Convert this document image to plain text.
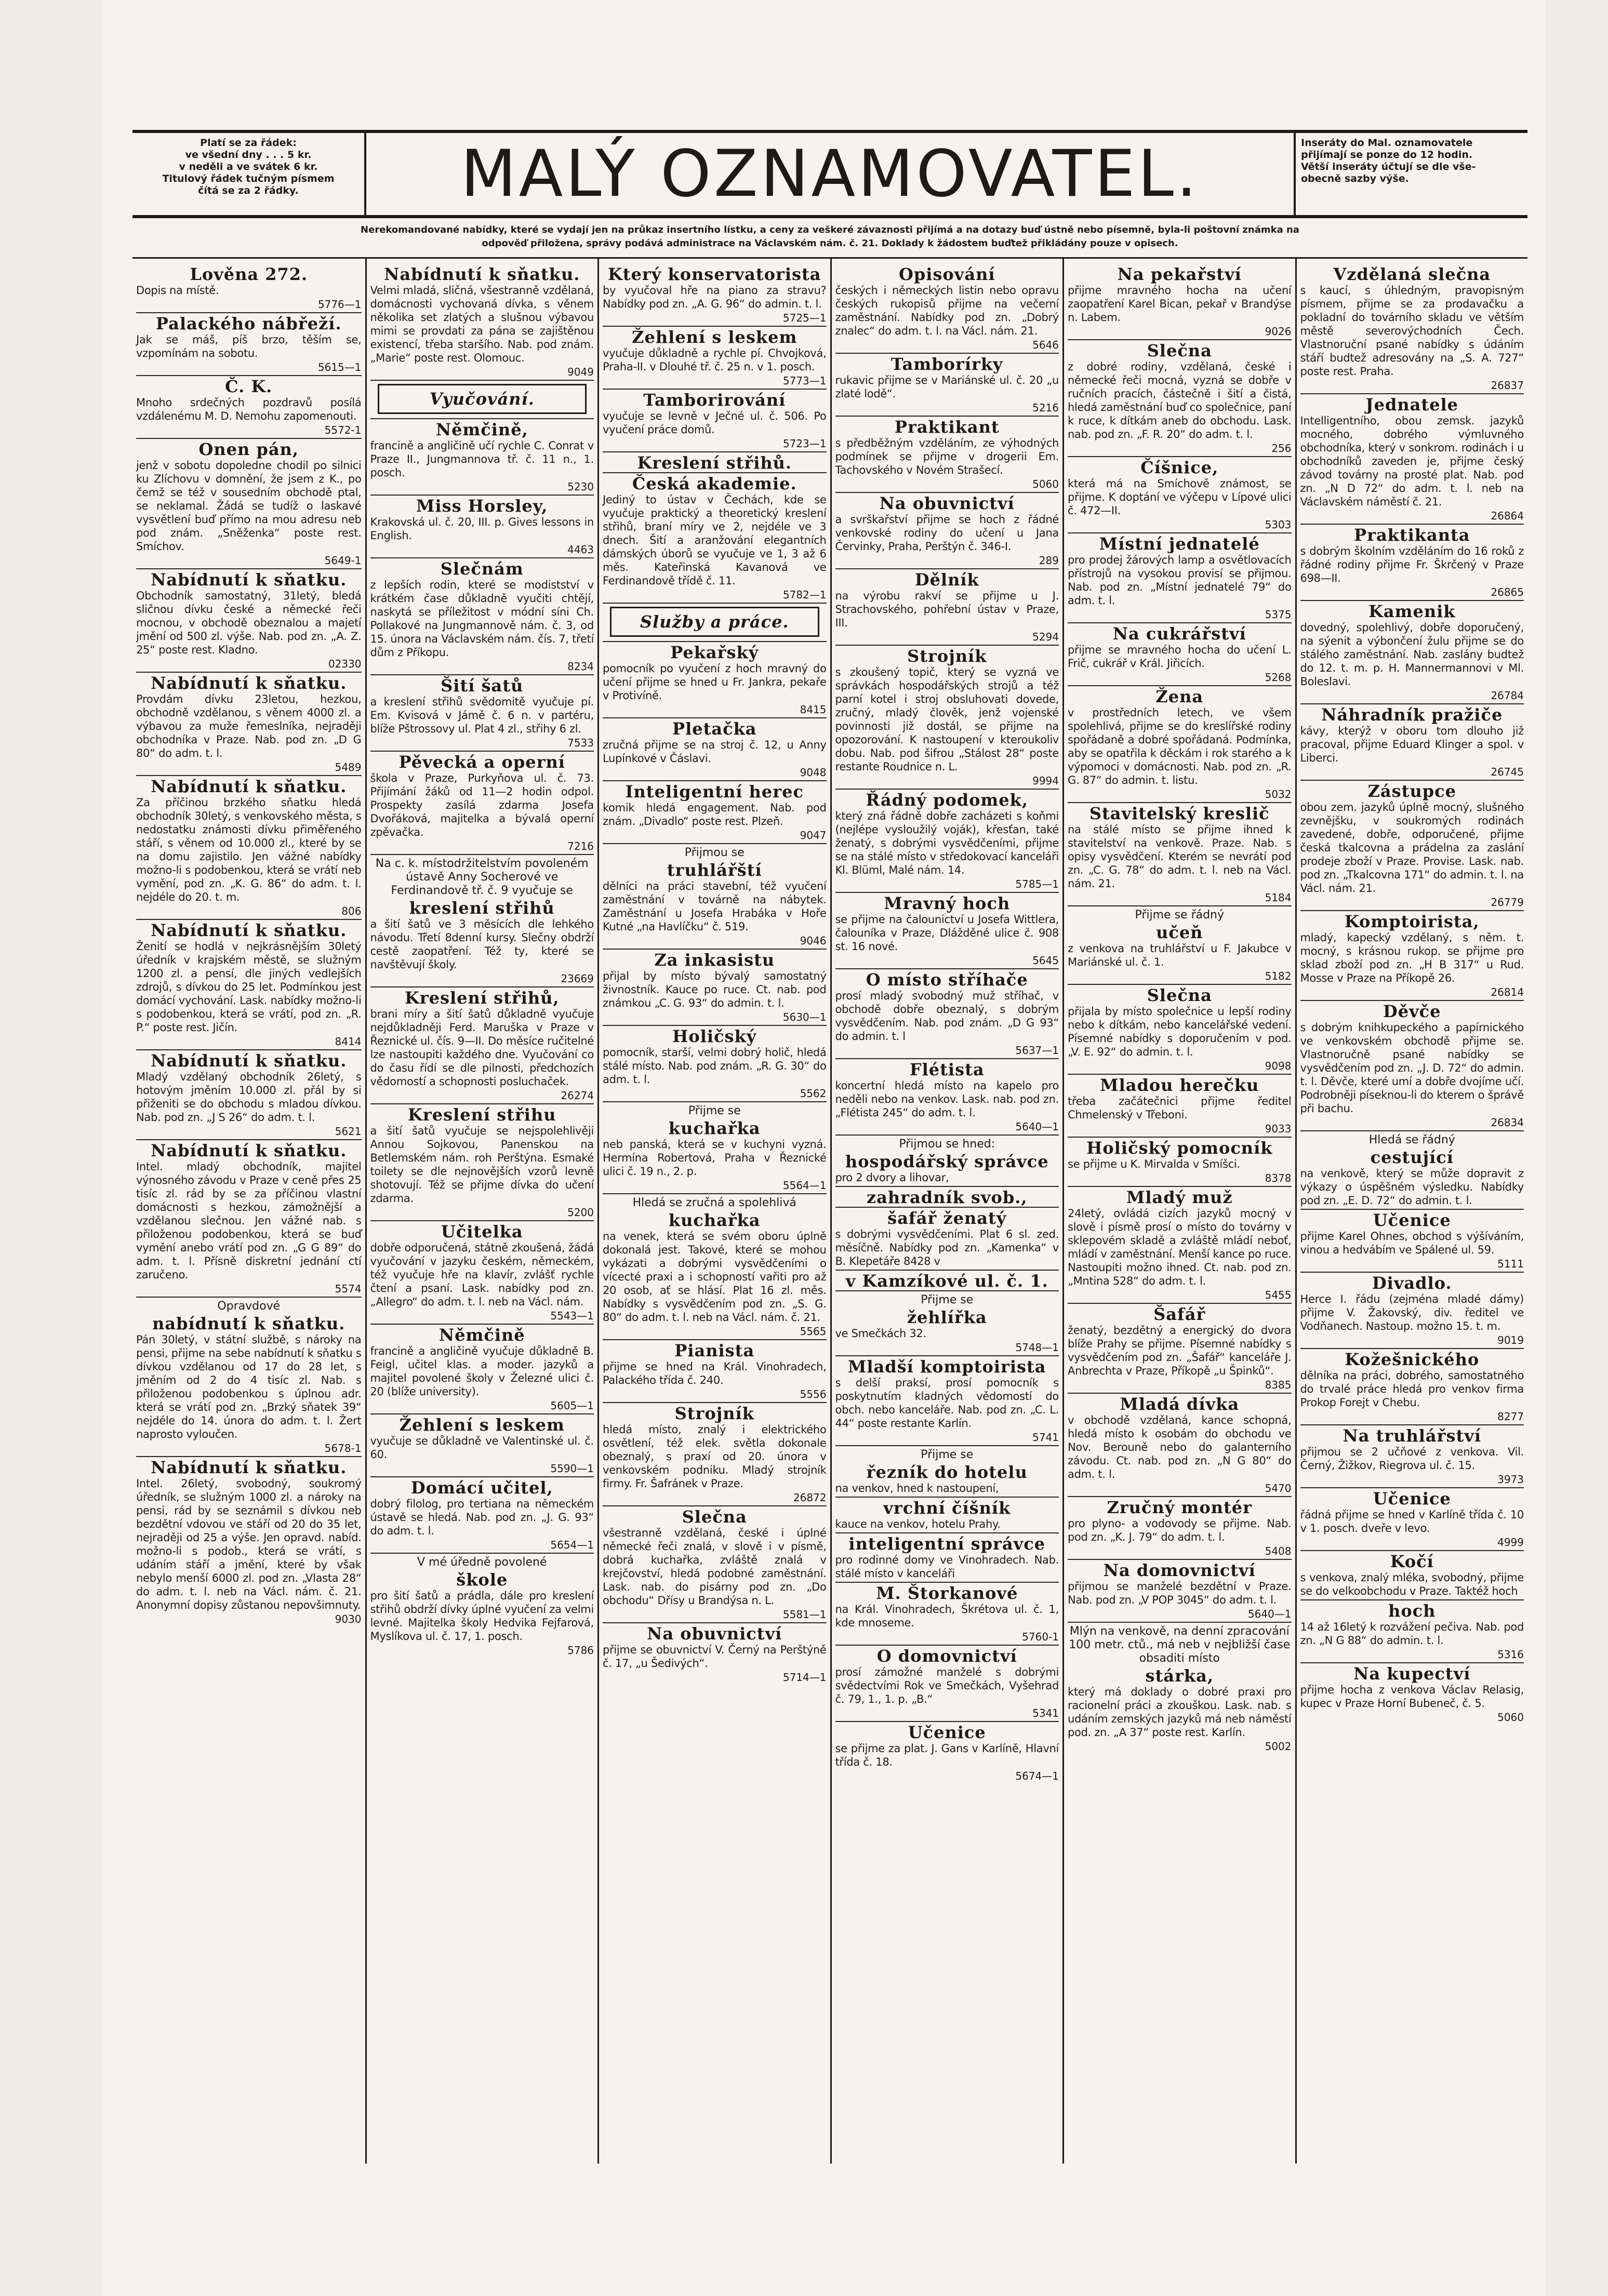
Platí se za řádek:
ve všední dny . . . 5 kr.
v neděli a ve svátek 6 kr.
Titulový řádek tučným písmem
čítá se za 2 řádky.	MALÝ OZNAMOVATEL.	Inseráty do Mal. oznamovatele
přijímají se ponze do 12 hodin.
Větší inseráty účtují se dle vše-
obecně sazby výše.
Nerekomandované nabídky, které se vydají jen na průkaz insertního lístku, a ceny za veškeré závaznosti přijímá a na dotazy buď ústně nebo písemně, byla-li poštovní známka na
odpověď přiložena, správy podává administrace na Václavském nám. č. 21. Doklady k žádostem buďtež přikládány pouze v opisech.
Lověna 272.
Dopis na místě.
5776—1
Palackého nábřeží.
Jak se máš, píš brzo, těším se, vzpomínám na sobotu.
5615—1
Č. K.
Mnoho srdečných pozdravů posílá vzdálenému M. D. Nemohu zapomenouti.
5572-1
Onen pán,
jenž v sobotu dopoledne chodil po silnici ku Zlíchovu v domnění, že jsem z K., po čemž se též v sousedním obchodě ptal, se neklamal. Žádá se tudíž o laskavé vysvětlení buď přímo na mou adresu neb pod znám. „Sněženka“ poste rest. Smíchov.
5649-1
Nabídnutí k sňatku.
Obchodník samostatný, 31letý, bledá sličnou dívku české a německé řeči mocnou, v obchodě obeznalou a majetí jmění od 500 zl. výše. Nab. pod zn. „A. Z. 25“ poste rest. Kladno.
02330
Nabídnutí k sňatku.
Provdám dívku 23letou, hezkou, obchodně vzdělanou, s věnem 4000 zl. a výbavou za muže řemeslníka, nejraději obchodníka v Praze. Nab. pod zn. „D G 80“ do adm. t. l.
5489
Nabídnutí k sňatku.
Za příčinou brzkého sňatku hledá obchodník 30letý, s venkovského města, s nedostatku známosti dívku přiměřeného stáří, s věnem od 10.000 zl., které by se na domu zajistilo. Jen vážné nabídky možno-li s podobenkou, která se vrátí neb vymění, pod zn. „K. G. 86“ do adm. t. l. nejdéle do 20. t. m.
806
Nabídnutí k sňatku.
Ženití se hodlá v nejkrásnějším 30letý úředník v krajském městě, se služným 1200 zl. a pensí, dle jiných vedlejších zdrojů, s dívkou do 25 let. Podmínkou jest domácí vychování. Lask. nabídky možno-li s podobenkou, která se vrátí, pod zn. „R. P.“ poste rest. Jičín.
8414
Nabídnutí k sňatku.
Mladý vzdělaný obchodník 26letý, s hotovým jměním 10.000 zl. přál by si přiženiti se do obchodu s mladou dívkou. Nab. pod zn. „J S 26“ do adm. t. l.
5621
Nabídnutí k sňatku.
Intel. mladý obchodník, majitel výnosného závodu v Praze v ceně přes 25 tisíc zl. rád by se za příčinou vlastní domácnosti s hezkou, zámožnější a vzdělanou slečnou. Jen vážné nab. s přiloženou podobenkou, která se buď vymění anebo vrátí pod zn. „G G 89“ do adm. t. l. Přísně diskretní jednání ctí zaručeno.
5574
Opravdové
nabídnutí k sňatku.
Pán 30letý, v státní službě, s nároky na pensi, přijme na sebe nabídnutí k sňatku s dívkou vzdělanou od 17 do 28 let, s jměním od 2 do 4 tisíc zl. Nab. s přiloženou podobenkou s úplnou adr. která se vrátí pod zn. „Brzký sňatek 39“ nejdéle do 14. února do adm. t. l. Žert naprosto vyloučen.
5678-1
Nabídnutí k sňatku.
Intel. 26letý, svobodný, soukromý úředník, se služným 1000 zl. a nároky na pensi, rád by se seznámil s dívkou neb bezdětní vdovou ve stáří od 20 do 35 let, nejraději od 25 a výše. Jen opravd. nabíd. možno-li s podob., která se vrátí, s udáním stáří a jmění, které by však nebylo menší 6000 zl. pod zn. „Vlasta 28“ do adm. t. l. neb na Václ. nám. č. 21. Anonymní dopisy zůstanou nepovšimnuty.
9030
Nabídnutí k sňatku.
Velmi mladá, sličná, všestranně vzdělaná, domácnosti vychovaná dívka, s věnem několika set zlatých a slušnou výbavou mimi se provdati za pána se zajištěnou existencí, třeba staršího. Nab. pod znám. „Marie“ poste rest. Olomouc.
9049
Vyučování.
Němčině,
francině a angličině učí rychle C. Conrat v Praze II., Jungmannova tř. č. 11 n., 1. posch.
5230
Miss Horsley,
Krakovská ul. č. 20, III. p. Gives lessons in English.
4463
Slečnám
z lepších rodin, které se modistství v krátkém čase důkladně vyučiti chtějí, naskytá se příležitost v módní síni Ch. Pollakové na Jungmannově nám. č. 3, od 15. února na Václavském nám. čís. 7, třetí dům z Příkopu.
8234
Šití šatů
a kreslení střihů svědomitě vyučuje pí. Em. Kvisová v Jámě č. 6 n. v partéru, blíže Pštrossovy ul. Plat 4 zl., střihy 6 zl.
7533
Pěvecká a operní
škola v Praze, Purkyňova ul. č. 73. Přijímání žáků od 11—2 hodin odpol. Prospekty zasílá zdarma Josefa Dvořáková, majitelka a bývalá operní zpěvačka.
7216
Na c. k. místodržitelstvím povoleném ústavě Anny Socherové ve Ferdinandově tř. č. 9 vyučuje se
kreslení střihů
a šití šatů ve 3 měsících dle lehkého návodu. Třetí 8denní kursy. Slečny obdrží cestě zaopatření. Též ty, které se navštěvují školy.
23669
Kreslení střihů,
brani míry a šití šatů důkladně vyučuje nejdůkladněji Ferd. Maruška v Praze v Řeznické ul. čís. 9—II. Do měsíce ručitelné lze nastoupiti každého dne. Vyučování co do času řídí se dle pilnosti, předchozích vědomostí a schopnosti posluchaček.
26274
Kreslení střihu
a šití šatů vyučuje se nejspolehlivěji Annou Sojkovou, Panenskou na Betlemském nám. roh Perštýna. Esmaké toilety se dle nejnovějších vzorů levně shotovují. Též se přijme dívka do učení zdarma.
5200
Učitelka
dobře odporučená, státně zkoušená, žádá vyučování v jazyku českém, německém, též vyučuje hře na klavír, zvlášť rychle čtení a psaní. Lask. nabídky pod zn. „Allegro“ do adm. t. l. neb na Václ. nám.
5543—1
Němčině
francině a angličině vyučuje důkladně B. Feigl, učitel klas. a moder. jazyků a majitel povolené školy v Železné ulici č. 20 (blíže university).
5605—1
Žehlení s leskem
vyučuje se důkladně ve Valentinské ul. č. 60.
5590—1
Domácí učitel,
dobrý filolog, pro tertiana na německém ústavě se hledá. Nab. pod zn. „J. G. 93“ do adm. t. l.
5654—1
V mé úředně povolené
škole
pro šití šatů a prádla, dále pro kreslení střihů obdrží dívky úplné vyučení za velmi levné. Majitelka školy Hedvika Fejfarová, Myslíkova ul. č. 17, 1. posch.
5786
Který konservatorista
by vyučoval hře na piano za stravu? Nabídky pod zn. „A. G. 96“ do admin. t. l.
5725—1
Žehlení s leskem
vyučuje důkladně a rychle pí. Chvojková, Praha-II. v Dlouhé tř. č. 25 n. v 1. posch.
5773—1
Tamborirování
vyučuje se levně v Ječné ul. č. 506. Po vyučení práce domů.
5723—1
Kreslení střihů.
Česká akademie.
Jediný to ústav v Čechách, kde se vyučuje praktický a theoretický kreslení střihů, braní míry ve 2, nejdéle ve 3 dnech. Šití a aranžování elegantních dámských úborů se vyučuje ve 1, 3 až 6 měs. Kateřinská Kavanová ve Ferdinandově třídě č. 11.
5782—1
Služby a práce.
Pekařský
pomocník po vyučení z hoch mravný do učení přijme se hned u Fr. Jankra, pekaře v Protivíně.
8415
Pletačka
zručná přijme se na stroj č. 12, u Anny Lupínkové v Čáslavi.
9048
Inteligentní herec
komik hledá engagement. Nab. pod znám. „Divadlo“ poste rest. Plzeň.
9047
Přijmou se
truhlářští
dělníci na práci stavební, též vyučení zaměstnání v továrně na nábytek. Zaměstnání u Josefa Hrabáka v Hoře Kutné „na Havlíčku“ č. 519.
9046
Za inkasistu
přijal by místo bývalý samostatný živnostník. Kauce po ruce. Ct. nab. pod známkou „C. G. 93“ do admin. t. l.
5630—1
Holičský
pomocník, starší, velmi dobrý holič, hledá stálé místo. Nab. pod znám. „R. G. 30“ do adm. t. l.
5562
Přijme se
kuchařka
neb panská, která se v kuchyni vyzná. Hermína Robertová, Praha v Řeznické ulici č. 19 n., 2. p.
5564—1
Hledá se zručná a spolehlivá
kuchařka
na venek, která se svém oboru úplně dokonalá jest. Takové, které se mohou vykázati a dobrými vysvědčeními o vícecté praxi a i schopností vařiti pro až 20 osob, ať se hlásí. Plat 16 zl. měs. Nabídky s vysvědčením pod zn. „S. G. 80“ do adm. t. l. neb na Václ. nám. č. 21.
5565
Pianista
přijme se hned na Král. Vinohradech, Palackého třída č. 240.
5556
Strojník
hledá místo, znalý i elektrického osvětlení, též elek. světla dokonale obeznalý, s praxí od 20. února v venkovském podniku. Mladý strojník firmy. Fr. Šafránek v Praze.
26872
Slečna
všestranně vzdělaná, české i úplné německé řeči znalá, v slově i v písmě, dobrá kuchařka, zvláště znalá v krejčovství, hledá podobné zaměstnání. Lask. nab. do pisárny pod zn. „Do obchodu“ Dřísy u Brandýsa n. L.
5581—1
Na obuvnictví
přijme se obuvnictví V. Černý na Perštýně č. 17, „u Šedivých“.
5714—1
Opisování
českých i německých listin nebo opravu českých rukopisů přijme na večerní zaměstnání. Nabídky pod zn. „Dobrý znalec“ do adm. t. l. na Václ. nám. 21.
5646
Tamborírky
rukavic přijme se v Mariánské ul. č. 20 „u zlaté lodě“.
5216
Praktikant
s předběžným vzděláním, ze výhodných podmínek se přijme v drogerii Em. Tachovského v Novém Strašecí.
5060
Na obuvnictví
a svrškařství přijme se hoch z řádné venkovské rodiny do učení u Jana Červinky, Praha, Perštýn č. 346-I.
289
Dělník
na výrobu rakví se přijme u J. Strachovského, pohřební ústav v Praze, III.
5294
Strojník
s zkoušený topič, který se vyzná ve správkách hospodářských strojů a též parní kotel i stroj obsluhovati dovede, zručný, mladý člověk, jenž vojenské povinnosti již dostál, se přijme na opozorování. K nastoupení v kteroukoliv dobu. Nab. pod šifrou „Stálost 28“ poste restante Roudnice n. L.
9994
Řádný podomek,
který zná řádně dobře zacházeti s koňmi (nejlépe vysloužilý voják), křesťan, také ženatý, s dobrými vysvědčeními, přijme se na stálé místo v středokovací kanceláři Kl. Blüml, Malé nám. 14.
5785—1
Mravný hoch
se přijme na čalounictví u Josefa Wittlera, čalouníka v Praze, Dlážděné ulice č. 908 st. 16 nové.
5645
O místo stříhače
prosí mladý svobodný muž stříhač, v obchodě dobře obeznalý, s dobrým vysvědčením. Nab. pod znám. „D G 93“ do admin. t. l
5637—1
Flétista
koncertní hledá místo na kapelo pro neděli nebo na venkov. Lask. nab. pod zn. „Flétista 245“ do adm. t. l.
5640—1
Přijmou se hned:
hospodářský správce
pro 2 dvory a lihovar,
zahradník svob.,
šafář ženatý
s dobrými vysvědčeními. Plat 6 sl. zed. měsíčně. Nabídky pod zn. „Kamenka“ v B. Klepetáře 8428 v
v Kamzíkové ul. č. 1.
Přijme se
žehlířka
ve Smečkách 32.
5748—1
Mladší komptoirista
s delší praksí, prosí pomocník s poskytnutím kladných vědomostí do obch. nebo kanceláře. Nab. pod zn. „C. L. 44“ poste restante Karlín.
5741
Přijme se
řezník do hotelu
na venkov, hned k nastoupení,
vrchní číšník
kauce na venkov, hotelu Prahy.
inteligentní správce
pro rodinné domy ve Vinohradech. Nab. stálé místo v kanceláři
M. Štorkanové
na Král. Vinohradech, Škrétova ul. č. 1, kde mnoseme.
5760-1
O domovnictví
prosí zámožné manželé s dobrými svědectvími Rok ve Smečkách, Vyšehrad č. 79, 1., 1. p. „B.“
5341
Učenice
se přijme za plat. J. Gans v Karlíně, Hlavní třída č. 18.
5674—1
Na pekařství
přijme mravného hocha na učení zaopatření Karel Bican, pekař v Brandýse n. Labem.
9026
Slečna
z dobré rodiny, vzdělaná, české i německé řeči mocná, vyzná se dobře v ručních pracích, částečně i šití a čistá, hledá zaměstnání buď co společnice, paní k ruce, k dítkám aneb do obchodu. Lask. nab. pod zn. „F. R. 20“ do adm. t. l.
256
Číšnice,
která má na Smíchově známost, se přijme. K doptání ve výčepu v Lípové ulici č. 472—II.
5303
Místní jednatelé
pro prodej žárových lamp a osvětlovacích přístrojů na vysokou provisí se přijmou. Nab. pod zn. „Místní jednatelé 79“ do adm. t. l.
5375
Na cukrářství
přijme se mravného hocha do učení L. Frič, cukrář v Král. Jiřicích.
5268
Žena
v prostředních letech, ve všem spolehlivá, přijme se do kreslířské rodiny spořádaně a dobré spořádaná. Podmínka, aby se opatřila k děckám i rok starého a k výpomoci v domácnosti. Nab. pod zn. „R. G. 87“ do admin. t. listu.
5032
Stavitelský kreslič
na stálé místo se přijme ihned k stavitelství na venkově. Praze. Nab. s opisy vysvědčení. Kterém se nevrátí pod zn. „C. G. 78“ do adm. t. l. neb na Václ. nám. 21.
5184
Přijme se řádný
učeň
z venkova na truhlářství u F. Jakubce v Mariánské ul. č. 1.
5182
Slečna
přijala by místo společnice u lepší rodiny nebo k dítkám, nebo kancelářské vedení. Písemné nabídky s doporučením v pod. „V. E. 92“ do admin. t. l.
9098
Mladou herečku
třeba začátečnici přijme ředitel Chmelenský v Třeboni.
9033
Holičský pomocník
se přijme u K. Mirvalda v Smíšci.
8378
Mladý muž
24letý, ovládá cizích jazyků mocný v slově i písmě prosí o místo do továrny v sklepovém skladě a zvláště mládí neboť, mládí v zaměstnání. Menší kance po ruce. Nastoupiti možno ihned. Ct. nab. pod zn. „Mntina 528“ do adm. t. l.
5455
Šafář
ženatý, bezdětný a energický do dvora blíže Prahy se přijme. Písemné nabídky s vysvědčením pod zn. „Šafář“ kanceláře J. Anbrechta v Praze, Příkopě „u Špinků“.
8385
Mladá dívka
v obchodě vzdělaná, kance schopná, hledá místo k osobám do obchodu ve Nov. Berouně nebo do galanterního závodu. Ct. nab. pod zn. „N G 80“ do adm. t. l.
5470
Zručný montér
pro plyno- a vodovody se přijme. Nab. pod zn. „K. J. 79“ do adm. t. l.
5408
Na domovnictví
přijmou se manželé bezdětní v Praze. Nab. pod zn. „V POP 3045“ do adm. t. l.
5640—1
Mlýn na venkově, na denní zpracování 100 metr. ctů., má neb v nejbližší čase obsaditi místo
stárka,
který má doklady o dobré praxi pro racionelní práci a zkouškou. Lask. nab. s udáním zemských jazyků má neb náměstí pod. zn. „A 37“ poste rest. Karlín.
5002
Vzdělaná slečna
s kaucí, s úhledným, pravopisným písmem, přijme se za prodavačku a pokladní do továrního skladu ve větším městě severovýchodních Čech. Vlastnoruční psané nabídky s údáním stáří budtež adresovány na „S. A. 727“ poste rest. Praha.
26837
Jednatele
Intelligentního, obou zemsk. jazyků mocného, dobrého výmluvného obchodníka, který v sonkrom. rodinách i u obchodníků zaveden je, přijme český závod továrny na prosté plat. Nab. pod zn. „N D 72“ do adm. t. l. neb na Václavském náměstí č. 21.
26864
Praktikanta
s dobrým školním vzděláním do 16 roků z řádné rodiny přijme Fr. Škrčený v Praze 698—II.
26865
Kamenik
dovedný, spolehlivý, dobře doporučený, na sýenit a výbončení žulu přijme se do stálého zaměstnání. Nab. zaslány budtež do 12. t. m. p. H. Mannermannovi v Ml. Boleslavi.
26784
Náhradník pražiče
kávy, kterýž v oboru tom dlouho již pracoval, přijme Eduard Klinger a spol. v Liberci.
26745
Zástupce
obou zem. jazyků úplně mocný, slušného zevnějšku, v soukromých rodinách zavedené, dobře, odporučené, přijme česká tkalcovna a prádelna za zaslání prodeje zboží v Praze. Provise. Lask. nab. pod zn. „Tkalcovna 171“ do admin. t. l. na Václ. nám. 21.
26779
Komptoirista,
mladý, kapecký vzdělaný, s něm. t. mocný, s krásnou rukop. se přijme pro sklad zboží pod zn. „H B 317“ u Rud. Mosse v Praze na Příkopě 26.
26814
Děvče
s dobrým knihkupeckého a papírnického ve venkovském obchodě přijme se. Vlastnoručně psané nabídky se vysvědčením pod zn. „J. D. 72“ do admin. t. l. Děvče, které umí a dobře dvojíme učí. Podrobněji píseknou-li do kterem o šprávě při bachu.
26834
Hledá se řádný
cestující
na venkově, který se může dopravit z výkazy o úspěšném výsledku. Nabídky pod zn. „E. D. 72“ do admin. t. l.
Učenice
přijme Karel Ohnes, obchod s výšíváním, vinou a hedvábím ve Spálené ul. 59.
5111
Divadlo.
Herce I. řádu (zejména mladé dámy) přijme V. Žakovský, div. ředitel ve Vodňanech. Nastoup. možno 15. t. m.
9019
Kožešnického
dělníka na práci, dobrého, samostatného do trvalé práce hledá pro venkov firma Prokop Forejt v Chebu.
8277
Na truhlářství
přijmou se 2 učňové z venkova. Vil. Černý, Žižkov, Riegrova ul. č. 15.
3973
Učenice
řádná přijme se hned v Karlíně třída č. 10 v 1. posch. dveře v levo.
4999
Kočí
s venkova, znalý mléka, svobodný, přijme se do velkoobchodu v Praze. Taktéž hoch
hoch
14 až 16letý k rozvážení pečiva. Nab. pod zn. „N G 88“ do admin. t. l.
5316
Na kupectví
přijme hocha z venkova Václav Relasig, kupec v Praze Horní Bubeneč, č. 5.
5060
